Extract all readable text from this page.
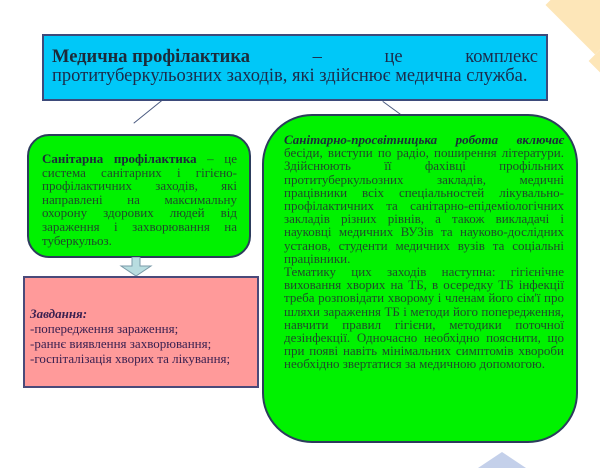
Медична профілактика	–	це	комплекс
протитуберкульозних заходів, які здійснює медична служба.
Санітарна профілактика – це система санітарних і гігієно-профілактичних заходів, які направлені на максимальну охорону здорових людей від зараження і захворювання на туберкульоз.
Завдання:
-попередження зараження;
-раннє виявлення захворювання;
-госпіталізація хворих та лікування;
Санітарно-просвітницька робота включає бесіди, виступи по радіо, поширення літератури. Здійснюють її фахівці профільних протитуберкульозних закладів, медичні працівники всіх спеціальностей лікувально-профілактичних та санітарно-епідеміологічних закладів різних рівнів, а також викладачі і науковці медичних ВУЗів та науково-дослідних установ, студенти медичних вузів та соціальні працівники.
Тематику цих заходів наступна: гігієнічне виховання хворих на ТБ, в осередку ТБ інфекції треба розповідати хворому і членам його сім'ї про шляхи зараження ТБ і методи його попередження, навчити правил гігієни, методики поточної дезінфекції. Одночасно необхідно пояснити, що при появі навіть мінімальних симптомів хвороби необхідно звертатися за медичною допомогою.
